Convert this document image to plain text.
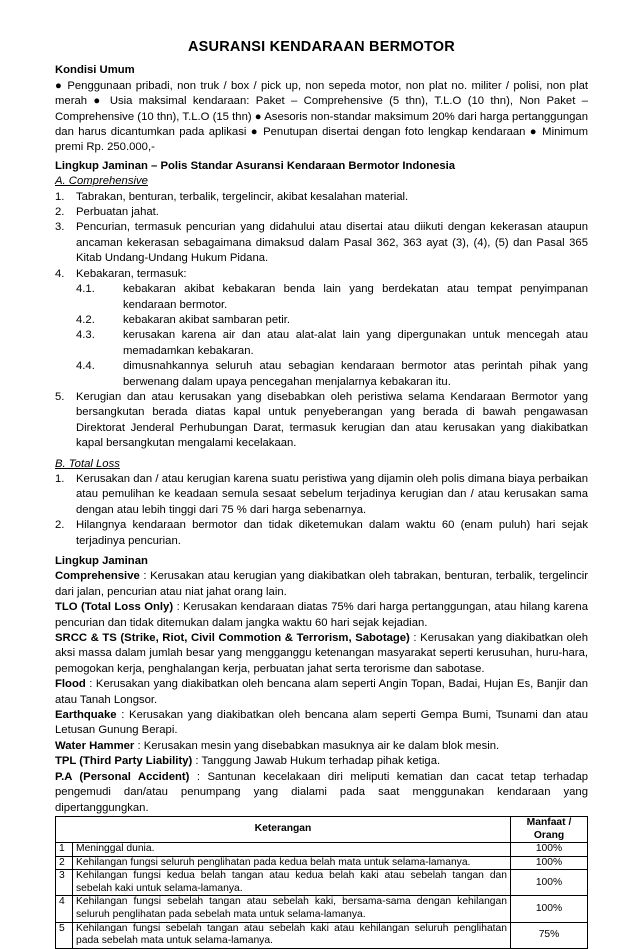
ASURANSI KENDARAAN BERMOTOR

Kondisi Umum

● Penggunaan pribadi, non truk / box / pick up, non sepeda motor, non plat no. militer / polisi, non plat merah ● Usia maksimal kendaraan: Paket – Comprehensive (5 thn), T.L.O (10 thn), Non Paket – Comprehensive (10 thn), T.L.O (15 thn) ● Asesoris non-standar maksimum 20% dari harga pertanggungan dan harus dicantumkan pada aplikasi ● Penutupan disertai dengan foto lengkap kendaraan ● Minimum premi Rp. 250.000,-

Lingkup Jaminan – Polis Standar Asuransi Kendaraan Bermotor Indonesia

A. Comprehensive

1. Tabrakan, benturan, terbalik, tergelincir, akibat kesalahan material.
2. Perbuatan jahat.
3. Pencurian, termasuk pencurian yang didahului atau disertai atau diikuti dengan kekerasan ataupun ancaman kekerasan sebagaimana dimaksud dalam Pasal 362, 363 ayat (3), (4), (5) dan Pasal 365 Kitab Undang-Undang Hukum Pidana.
4. Kebakaran, termasuk:
4.1. kebakaran akibat kebakaran benda lain yang berdekatan atau tempat penyimpanan kendaraan bermotor.
4.2. kebakaran akibat sambaran petir.
4.3. kerusakan karena air dan atau alat-alat lain yang dipergunakan untuk mencegah atau memadamkan kebakaran.
4.4. dimusnahkannya seluruh atau sebagian kendaraan bermotor atas perintah pihak yang berwenang dalam upaya pencegahan menjalarnya kebakaran itu.
5. Kerugian dan atau kerusakan yang disebabkan oleh peristiwa selama Kendaraan Bermotor yang bersangkutan berada diatas kapal untuk penyeberangan yang berada di bawah pengawasan Direktorat Jenderal Perhubungan Darat, termasuk kerugian dan atau kerusakan yang diakibatkan kapal bersangkutan mengalami kecelakaan.

B. Total Loss

1. Kerusakan dan / atau kerugian karena suatu peristiwa yang dijamin oleh polis dimana biaya perbaikan atau pemulihan ke keadaan semula sesaat sebelum terjadinya kerugian dan / atau kerusakan sama dengan atau lebih tinggi dari 75 % dari harga sebenarnya.
2. Hilangnya kendaraan bermotor dan tidak diketemukan dalam waktu 60 (enam puluh) hari sejak terjadinya pencurian.

Lingkup Jaminan

Comprehensive : Kerusakan atau kerugian yang diakibatkan oleh tabrakan, benturan, terbalik, tergelincir dari jalan, pencurian atau niat jahat orang lain.

TLO (Total Loss Only) : Kerusakan kendaraan diatas 75% dari harga pertanggungan, atau hilang karena pencurian dan tidak ditemukan dalam jangka waktu 60 hari sejak kejadian.

SRCC & TS (Strike, Riot, Civil Commotion & Terrorism, Sabotage) : Kerusakan yang diakibatkan oleh aksi massa dalam jumlah besar yang mengganggu ketenangan masyarakat seperti kerusuhan, huru-hara, pemogokan kerja, penghalangan kerja, perbuatan jahat serta terorisme dan sabotase.

Flood : Kerusakan yang diakibatkan oleh bencana alam seperti Angin Topan, Badai, Hujan Es, Banjir dan atau Tanah Longsor.

Earthquake : Kerusakan yang diakibatkan oleh bencana alam seperti Gempa Bumi, Tsunami dan atau Letusan Gunung Berapi.

Water Hammer : Kerusakan mesin yang disebabkan masuknya air ke dalam blok mesin.

TPL (Third Party Liability) : Tanggung Jawab Hukum terhadap pihak ketiga.

P.A (Personal Accident) : Santunan kecelakaan diri meliputi kematian dan cacat tetap terhadap pengemudi dan/atau penumpang yang dialami pada saat menggunakan kendaraan yang dipertanggungkan.

Keterangan		Manfaat / Orang
1	Meninggal dunia.	100%
2	Kehilangan fungsi seluruh penglihatan pada kedua belah mata untuk selama-lamanya.	100%
3	Kehilangan fungsi kedua belah tangan atau kedua belah kaki atau sebelah tangan dan sebelah kaki untuk selama-lamanya.	100%
4	Kehilangan fungsi sebelah tangan atau sebelah kaki, bersama-sama dengan kehilangan seluruh penglihatan pada sebelah mata untuk selama-lamanya.	100%
5	Kehilangan fungsi sebelah tangan atau sebelah kaki atau kehilangan seluruh penglihatan pada sebelah mata untuk selama-lamanya.	75%
